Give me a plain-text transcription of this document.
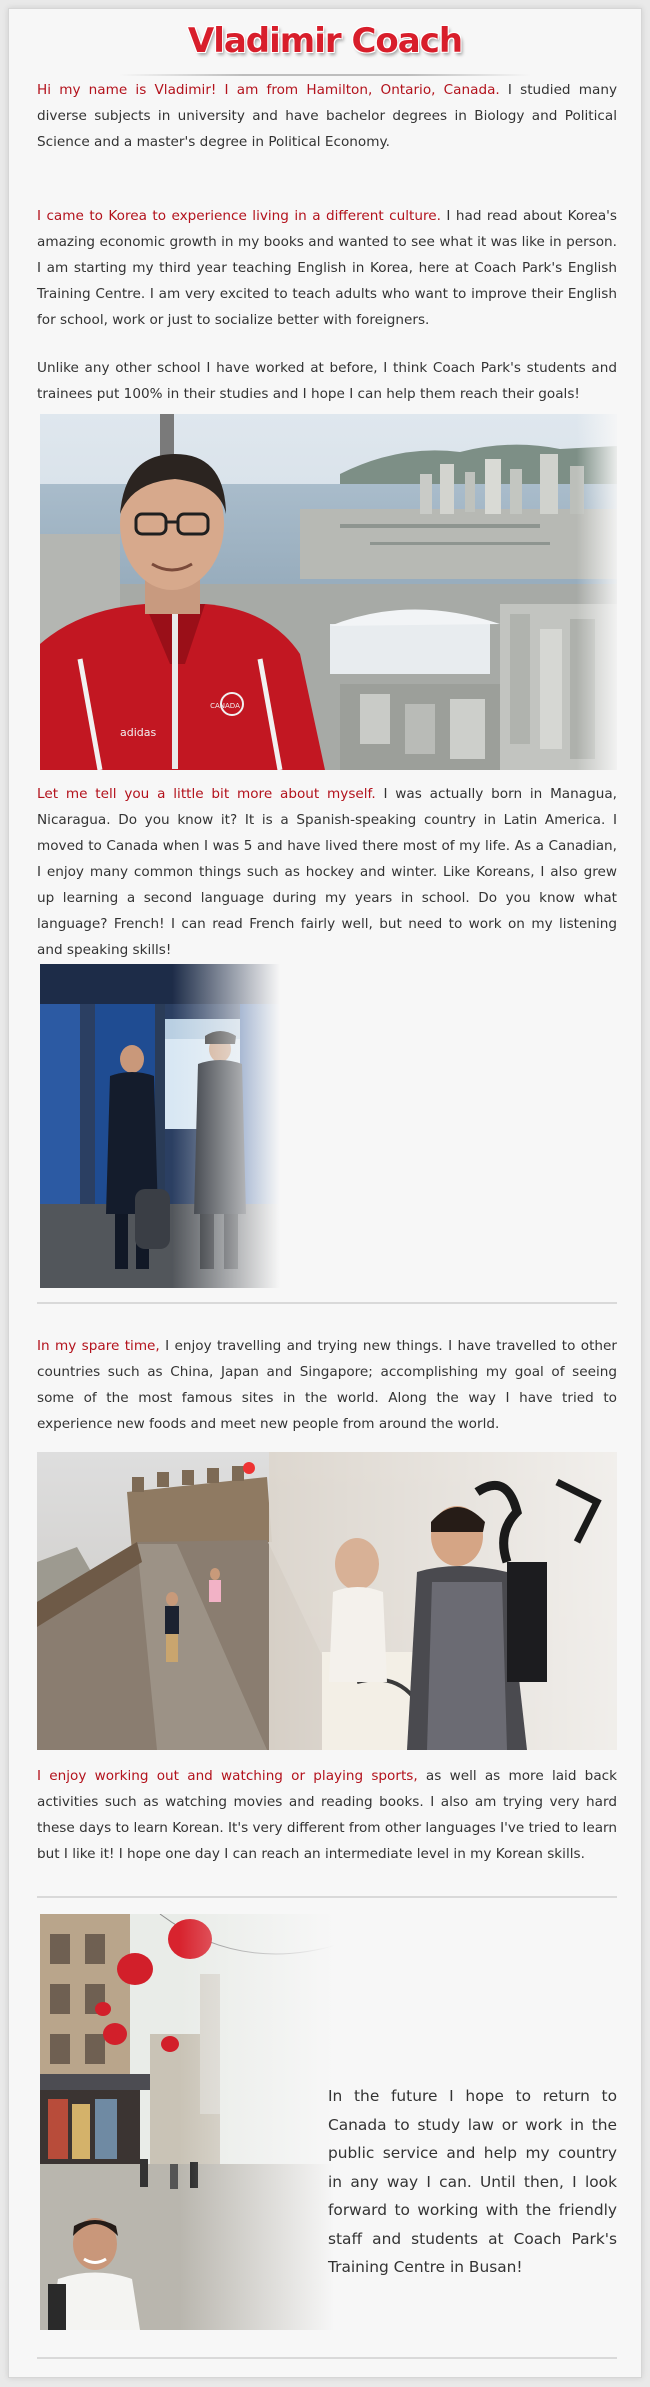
Vladimir Coach

Hi my name is Vladimir! I am from Hamilton, Ontario, Canada. I studied many diverse subjects in university and have bachelor degrees in Biology and Political Science and a master's degree in Political Economy.

I came to Korea to experience living in a different culture. I had read about Korea's amazing economic growth in my books and wanted to see what it was like in person. I am starting my third year teaching English in Korea, here at Coach Park's English Training Centre. I am very excited to teach adults who want to improve their English for school, work or just to socialize better with foreigners.

Unlike any other school I have worked at before, I think Coach Park's students and trainees put 100% in their studies and I hope I can help them reach their goals!

Let me tell you a little bit more about myself. I was actually born in Managua, Nicaragua. Do you know it? It is a Spanish-speaking country in Latin America. I moved to Canada when I was 5 and have lived there most of my life. As a Canadian, I enjoy many common things such as hockey and winter. Like Koreans, I also grew up learning a second language during my years in school. Do you know what language? French! I can read French fairly well, but need to work on my listening and speaking skills!

In my spare time, I enjoy travelling and trying new things. I have travelled to other countries such as China, Japan and Singapore; accomplishing my goal of seeing some of the most famous sites in the world. Along the way I have tried to experience new foods and meet new people from around the world.

I enjoy working out and watching or playing sports, as well as more laid back activities such as watching movies and reading books. I also am trying very hard these days to learn Korean. It's very different from other languages I've tried to learn but I like it! I hope one day I can reach an intermediate level in my Korean skills.

In the future I hope to return to Canada to study law or work in the public service and help my country in any way I can. Until then, I look forward to working with the friendly staff and students at Coach Park's Training Centre in Busan!
